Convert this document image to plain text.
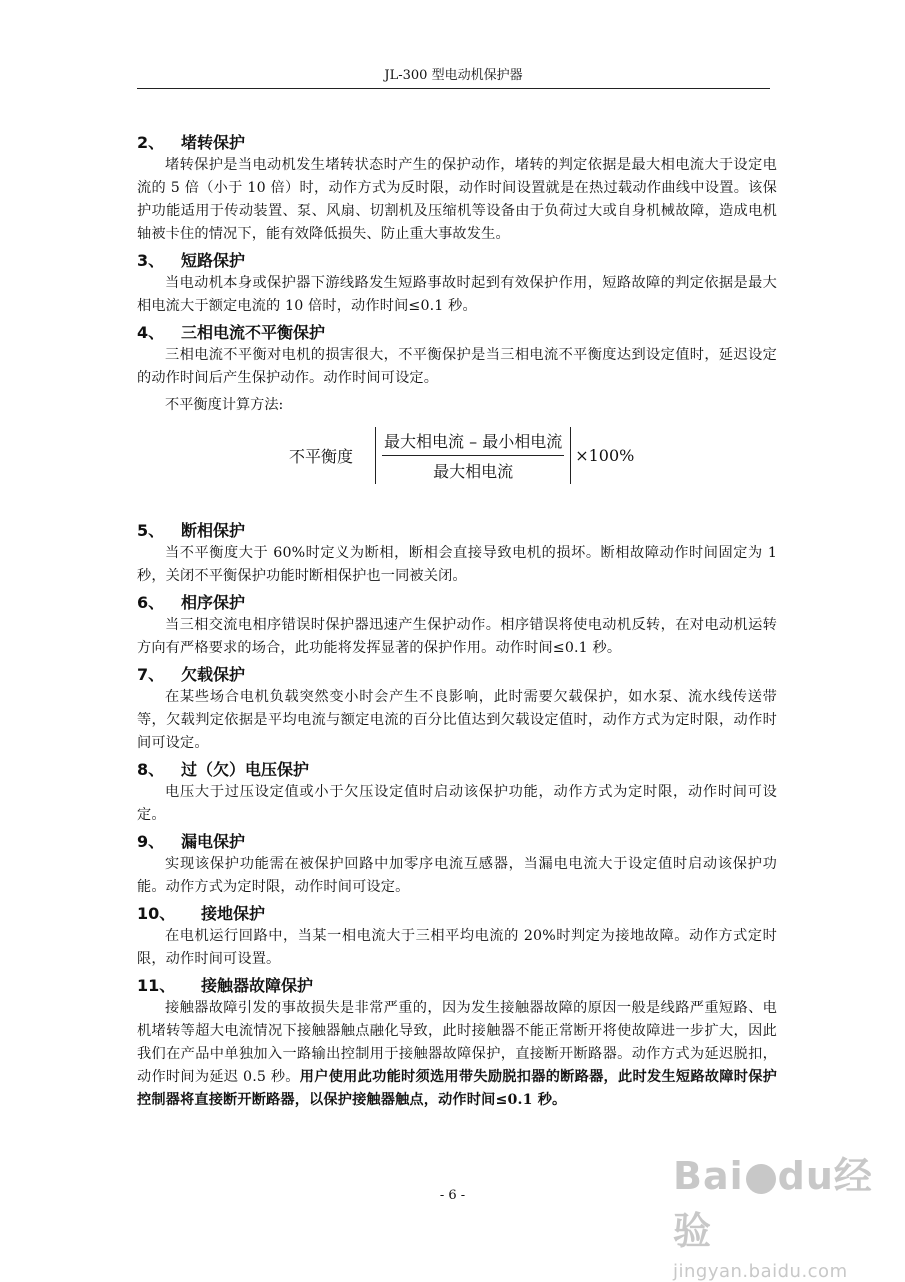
JL-300 型电动机保护器
2、	堵转保护
堵转保护是当电动机发生堵转状态时产生的保护动作，堵转的判定依据是最大相电流大于设定电流的 5 倍（小于 10 倍）时，动作方式为反时限，动作时间设置就是在热过载动作曲线中设置。该保护功能适用于传动装置、泵、风扇、切割机及压缩机等设备由于负荷过大或自身机械故障，造成电机轴被卡住的情况下，能有效降低损失、防止重大事故发生。
3、	短路保护
当电动机本身或保护器下游线路发生短路事故时起到有效保护作用，短路故障的判定依据是最大相电流大于额定电流的 10 倍时，动作时间≤0.1 秒。
4、	三相电流不平衡保护
三相电流不平衡对电机的损害很大，不平衡保护是当三相电流不平衡度达到设定值时，延迟设定的动作时间后产生保护动作。动作时间可设定。
不平衡度计算方法:
不平衡度 $\frac{\text{最大相电流 – 最小相电流}}{\text{最大相电流}} \times 100\%$
5、	断相保护
当不平衡度大于 60%时定义为断相，断相会直接导致电机的损坏。断相故障动作时间固定为 1 秒，关闭不平衡保护功能时断相保护也一同被关闭。
6、	相序保护
当三相交流电相序错误时保护器迅速产生保护动作。相序错误将使电动机反转，在对电动机运转方向有严格要求的场合，此功能将发挥显著的保护作用。动作时间≤0.1 秒。
7、	欠载保护
在某些场合电机负载突然变小时会产生不良影响，此时需要欠载保护，如水泵、流水线传送带等，欠载判定依据是平均电流与额定电流的百分比值达到欠载设定值时，动作方式为定时限，动作时间可设定。
8、	过（欠）电压保护
电压大于过压设定值或小于欠压设定值时启动该保护功能，动作方式为定时限，动作时间可设定。
9、	漏电保护
实现该保护功能需在被保护回路中加零序电流互感器，当漏电电流大于设定值时启动该保护功能。动作方式为定时限，动作时间可设定。
10、	接地保护
在电机运行回路中，当某一相电流大于三相平均电流的 20%时判定为接地故障。动作方式定时限，动作时间可设置。
11、	接触器故障保护
接触器故障引发的事故损失是非常严重的，因为发生接触器故障的原因一般是线路严重短路、电机堵转等超大电流情况下接触器触点融化导致，此时接触器不能正常断开将使故障进一步扩大，因此我们在产品中单独加入一路输出控制用于接触器故障保护，直接断开断路器。动作方式为延迟脱扣，动作时间为延迟 0.5 秒。用户使用此功能时须选用带失励脱扣器的断路器，此时发生短路故障时保护控制器将直接断开断路器，以保护接触器触点，动作时间≤0.1 秒。
- 6 -	Bai du经验
jingyan.baidu.com
